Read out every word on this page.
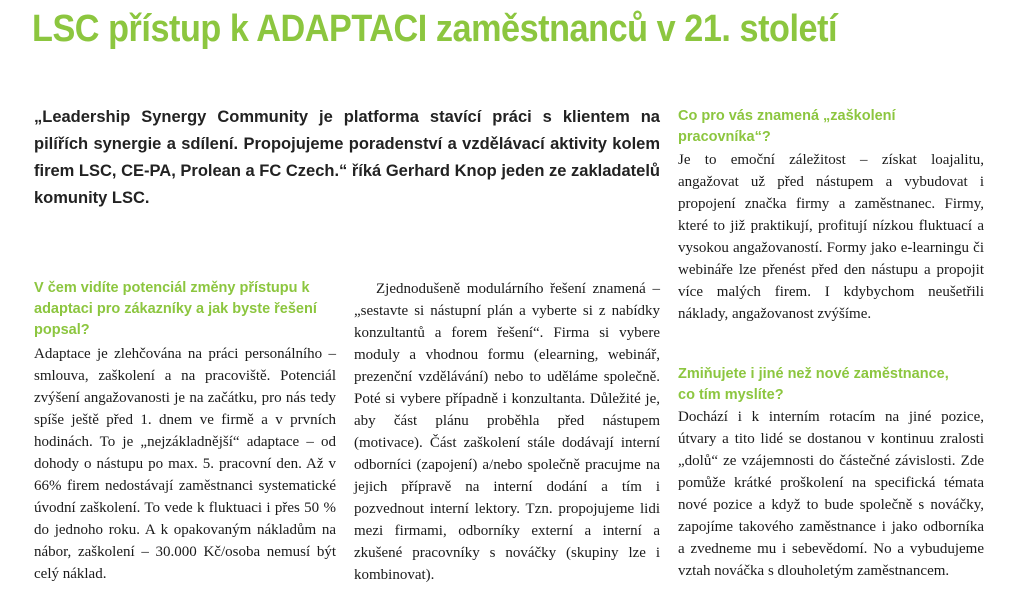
LSC přístup k ADAPTACI zaměstnanců v 21. století

„Leadership Synergy Community je platforma stavící práci s klientem na pilířích synergie a sdílení. Propojujeme poradenství a vzdělávací aktivity kolem firem LSC, CE-PA, Prolean a FC Czech.“ říká Gerhard Knop jeden ze zakladatelů komunity LSC.

V čem vidíte potenciál změny přístupu k adaptaci pro zákazníky a jak byste řešení popsal?

Adaptace je zlehčována na práci personálního – smlouva, zaškolení a na pracoviště. Potenciál zvýšení angažovanosti je na začátku, pro nás tedy spíše ještě před 1. dnem ve firmě a v prvních hodinách. To je „nejzákladnější“ adaptace – od dohody o nástupu po max. 5. pracovní den. Až v 66% firem nedostávají zaměstnanci systematické úvodní zaškolení. To vede k fluktuaci i přes 50 % do jednoho roku. A k opakovaným nákladům na nábor, zaškolení – 30.000 Kč/osoba nemusí být celý náklad.

Zjednodušeně modulárního řešení znamená – „sestavte si nástupní plán a vyberte si z nabídky konzultantů a forem řešení“. Firma si vybere moduly a vhodnou formu (elearning, webinář, prezenční vzdělávání) nebo to uděláme společně. Poté si vybere případně i konzultanta. Důležité je, aby část plánu proběhla před nástupem (motivace). Část zaškolení stále dodávají interní odborníci (zapojení) a/nebo společně pracujme na jejich přípravě na interní dodání a tím i pozvednout interní lektory. Tzn. propojujeme lidi mezi firmami, odborníky externí a interní a zkušené pracovníky s nováčky (skupiny lze i kombinovat).

Co pro vás znamená „zaškolení pracovníka“?

Je to emoční záležitost – získat loajalitu, angažovat už před nástupem a vybudovat i propojení značka firmy a zaměstnanec. Firmy, které to již praktikují, profitují nízkou fluktuací a vysokou angažovaností. Formy jako e-learningu či webináře lze přenést před den nástupu a propojit více malých firem. I kdybychom neušetřili náklady, angažovanost zvýšíme.

Zmiňujete i jiné než nové zaměstnance, co tím myslíte?

Dochází i k interním rotacím na jiné pozice, útvary a tito lidé se dostanou v kontinuu zralosti „dolů“ ze vzájemnosti do částečné závislosti. Zde pomůže krátké proškolení na specifická témata nové pozice a když to bude společně s nováčky, zapojíme takového zaměstnance i jako odborníka a zvedneme mu i sebevědomí. No a vybudujeme vztah nováčka s dlouholetým zaměstnancem.
